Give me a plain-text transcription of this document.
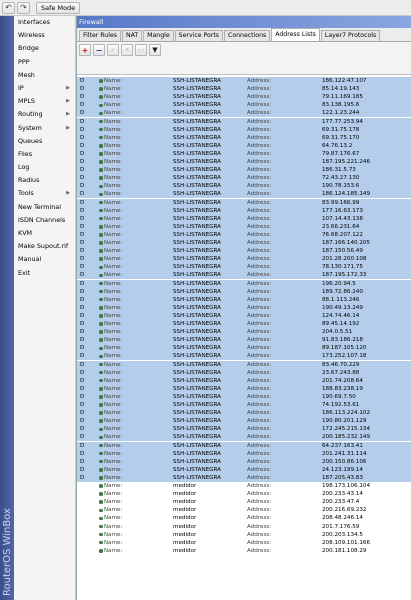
↶	↷	Safe Mode
RouterOS WinBox
Interfaces
Wireless
Bridge
PPP
Mesh
IP	▶
MPLS	▶
Routing	▶
System	▶
Queues
Files
Log
Radius
Tools	▶
New Terminal
ISDN Channels
KVM
Make Supout.rif
Manual
Exit
Firewall
Filter Rules	NAT	Mangle	Service Ports	Connections	Address Lists	Layer7 Protocols
+ −	✓	✕	▭	▼
D	Name:	SSH-LISTANEGRA	Address:	186.122.47.107
D	Name:	SSH-LISTANEGRA	Address:	85.14.19.143
D	Name:	SSH-LISTANEGRA	Address:	79.11.169.185
D	Name:	SSH-LISTANEGRA	Address:	83.138.195.6
D	Name:	SSH-LISTANEGRA	Address:	122.1.23.244
D	Name:	SSH-LISTANEGRA	Address:	177.77.253.94
D	Name:	SSH-LISTANEGRA	Address:	69.31.75.178
D	Name:	SSH-LISTANEGRA	Address:	69.31.75.170
D	Name:	SSH-LISTANEGRA	Address:	64.76.13.2
D	Name:	SSH-LISTANEGRA	Address:	79.87.176.67
D	Name:	SSH-LISTANEGRA	Address:	187.195.221.246
D	Name:	SSH-LISTANEGRA	Address:	186.31.5.73
D	Name:	SSH-LISTANEGRA	Address:	72.43.27.130
D	Name:	SSH-LISTANEGRA	Address:	190.78.153.6
D	Name:	SSH-LISTANEGRA	Address:	186.124.185.149
D	Name:	SSH-LISTANEGRA	Address:	83.99.166.99
D	Name:	SSH-LISTANEGRA	Address:	177.16.63.173
D	Name:	SSH-LISTANEGRA	Address:	107.14.43.138
D	Name:	SSH-LISTANEGRA	Address:	23.66.231.64
D	Name:	SSH-LISTANEGRA	Address:	76.68.207.122
D	Name:	SSH-LISTANEGRA	Address:	187.166.140.205
D	Name:	SSH-LISTANEGRA	Address:	187.150.56.49
D	Name:	SSH-LISTANEGRA	Address:	201.28.200.108
D	Name:	SSH-LISTANEGRA	Address:	78.130.171.75
D	Name:	SSH-LISTANEGRA	Address:	187.195.172.33
D	Name:	SSH-LISTANEGRA	Address:	196.20.94.5
D	Name:	SSH-LISTANEGRA	Address:	189.72.86.240
D	Name:	SSH-LISTANEGRA	Address:	88.1.113.246
D	Name:	SSH-LISTANEGRA	Address:	190.49.13.249
D	Name:	SSH-LISTANEGRA	Address:	124.74.46.14
D	Name:	SSH-LISTANEGRA	Address:	89.45.14.192
D	Name:	SSH-LISTANEGRA	Address:	204.0.5.51
D	Name:	SSH-LISTANEGRA	Address:	91.83.186.218
D	Name:	SSH-LISTANEGRA	Address:	89.187.105.120
D	Name:	SSH-LISTANEGRA	Address:	173.252.107.18
D	Name:	SSH-LISTANEGRA	Address:	83.46.70.229
D	Name:	SSH-LISTANEGRA	Address:	23.67.243.88
D	Name:	SSH-LISTANEGRA	Address:	201.74.208.64
D	Name:	SSH-LISTANEGRA	Address:	188.83.238.19
D	Name:	SSH-LISTANEGRA	Address:	190.69.7.50
D	Name:	SSH-LISTANEGRA	Address:	74.192.53.61
D	Name:	SSH-LISTANEGRA	Address:	186.113.224.102
D	Name:	SSH-LISTANEGRA	Address:	190.80.201.129
D	Name:	SSH-LISTANEGRA	Address:	172.245.215.134
D	Name:	SSH-LISTANEGRA	Address:	200.185.232.149
D	Name:	SSH-LISTANEGRA	Address:	64.237.163.41
D	Name:	SSH-LISTANEGRA	Address:	201.241.31.114
D	Name:	SSH-LISTANEGRA	Address:	200.150.86.106
D	Name:	SSH-LISTANEGRA	Address:	24.123.199.14
D	Name:	SSH-LISTANEGRA	Address:	187.205.43.83
Name:	medidor	Address:	198.173.106.104
Name:	medidor	Address:	200.233.43.14
Name:	medidor	Address:	200.233.47.4
Name:	medidor	Address:	200.216.69.232
Name:	medidor	Address:	208.48.246.14
Name:	medidor	Address:	201.7.176.59
Name:	medidor	Address:	200.203.134.5
Name:	medidor	Address:	208.109.101.166
Name:	medidor	Address:	200.181.108.29
